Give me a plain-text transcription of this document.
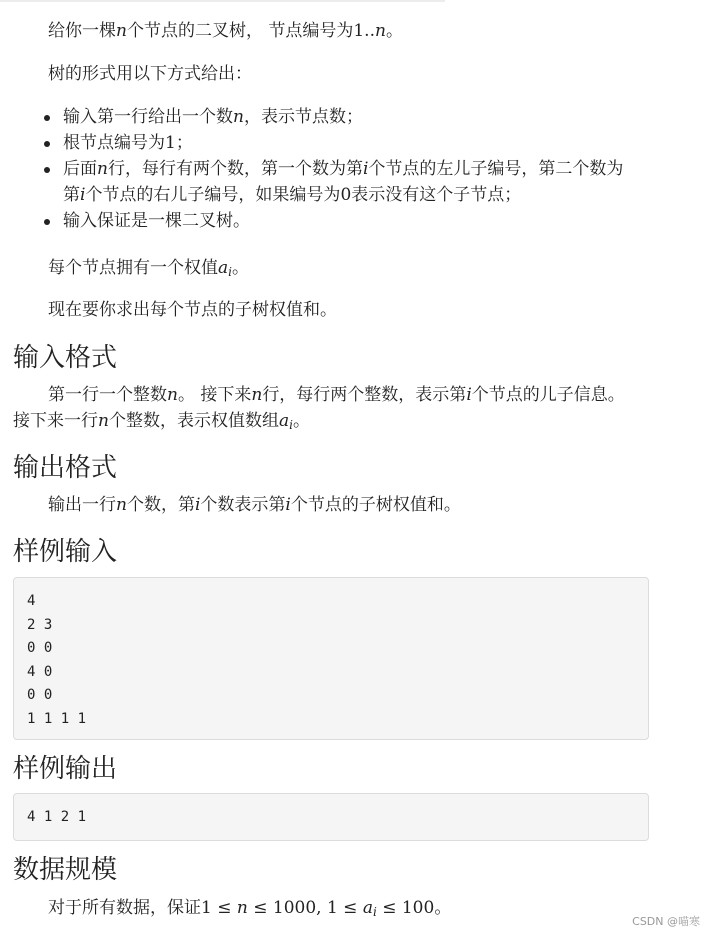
给你一棵n个节点的二叉树， 节点编号为1..n。
树的形式用以下方式给出：
输入第一行给出一个数n，表示节点数；
根节点编号为1；
后面n行，每行有两个数，第一个数为第i个节点的左儿子编号，第二个数为
第i个节点的右儿子编号，如果编号为0表示没有这个子节点；
输入保证是一棵二叉树。
每个节点拥有一个权值$a_i$。
现在要你求出每个节点的子树权值和。
输入格式
第一行一个整数n。 接下来n行，每行两个整数，表示第i个节点的儿子信息。
接下来一行n个整数，表示权值数组$a_i$。
输出格式
输出一行n个数，第i个数表示第i个节点的子树权值和。
样例输入
4
2 3
0 0
4 0
0 0
1 1 1 1
样例输出
4 1 2 1
数据规模
对于所有数据，保证1 ≤ n ≤ 1000, $1 \le a_i \le 100$。
CSDN @喵寒
